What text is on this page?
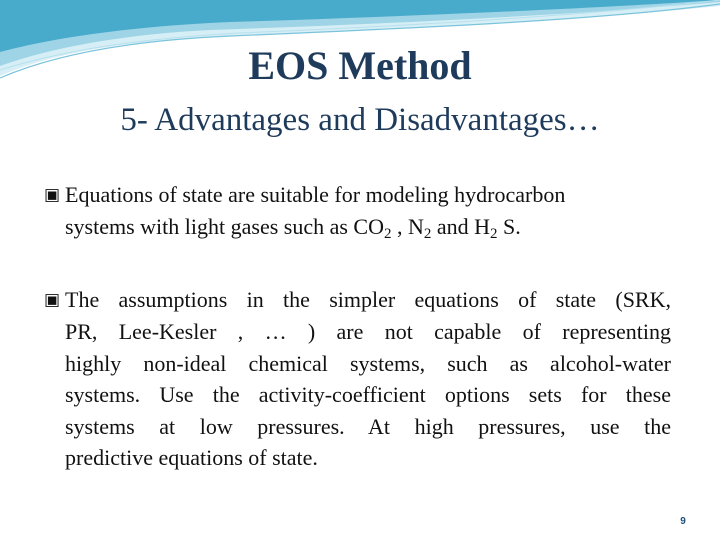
EOS Method
5- Advantages and Disadvantages…
▣ Equations of state are suitable for modeling hydrocarbon
systems with light gases such as $CO_2$ , $N_2$ and $H_2$ S.
▣ The assumptions in the simpler equations of state (SRK,
PR, Lee-Kesler , … ) are not capable of representing
highly non-ideal chemical systems, such as alcohol-water
systems. Use the activity-coefficient options sets for these
systems at low pressures. At high pressures, use the
predictive equations of state.
9
